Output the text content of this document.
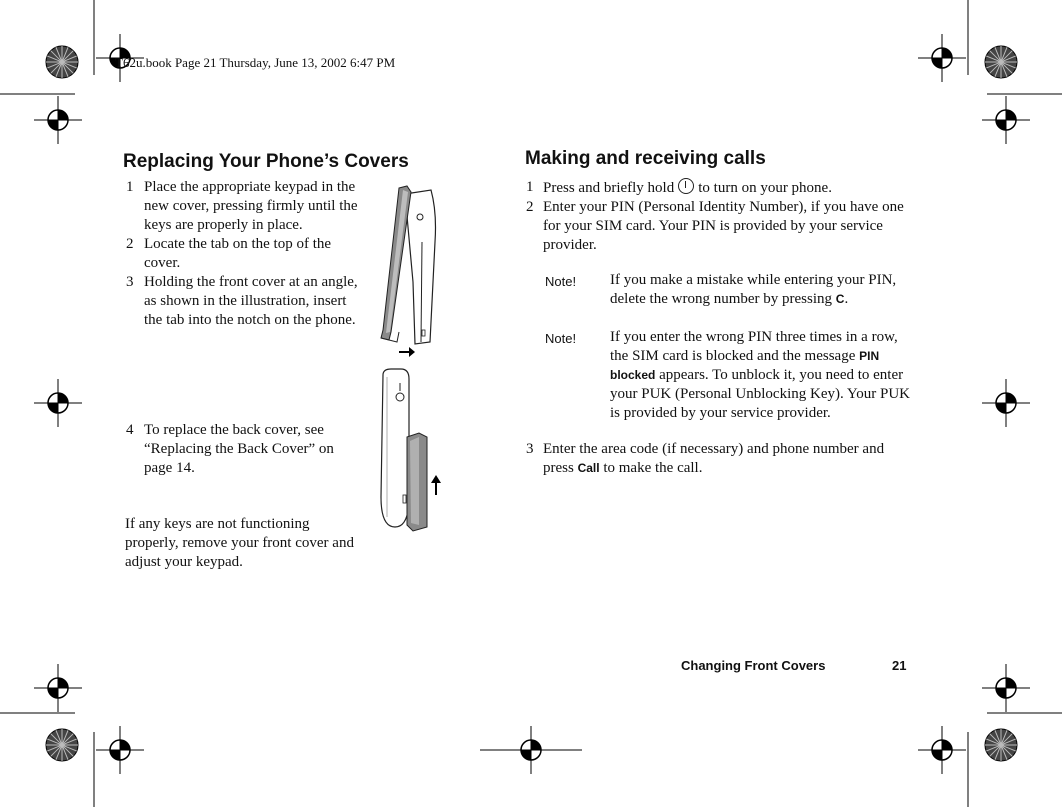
T62u.book Page 21 Thursday, June 13, 2002 6:47 PM
Replacing Your Phone’s Covers
1 Place the appropriate keypad in the new cover, pressing firmly until the keys are properly in place.
2 Locate the tab on the top of the cover.
3 Holding the front cover at an angle, as shown in the illustration, insert the tab into the notch on the phone.
4 To replace the back cover, see “Replacing the Back Cover” on page 14.
If any keys are not functioning properly, remove your front cover and adjust your keypad.
Making and receiving calls
1 Press and briefly hold to turn on your phone.
2 Enter your PIN (Personal Identity Number), if you have one for your SIM card. Your PIN is provided by your service provider.
Note! If you make a mistake while entering your PIN, delete the wrong number by pressing C.
Note! If you enter the wrong PIN three times in a row, the SIM card is blocked and the message PIN blocked appears. To unblock it, you need to enter your PUK (Personal Unblocking Key). Your PUK is provided by your service provider.
3 Enter the area code (if necessary) and phone number and press Call to make the call.
Changing Front Covers	21
